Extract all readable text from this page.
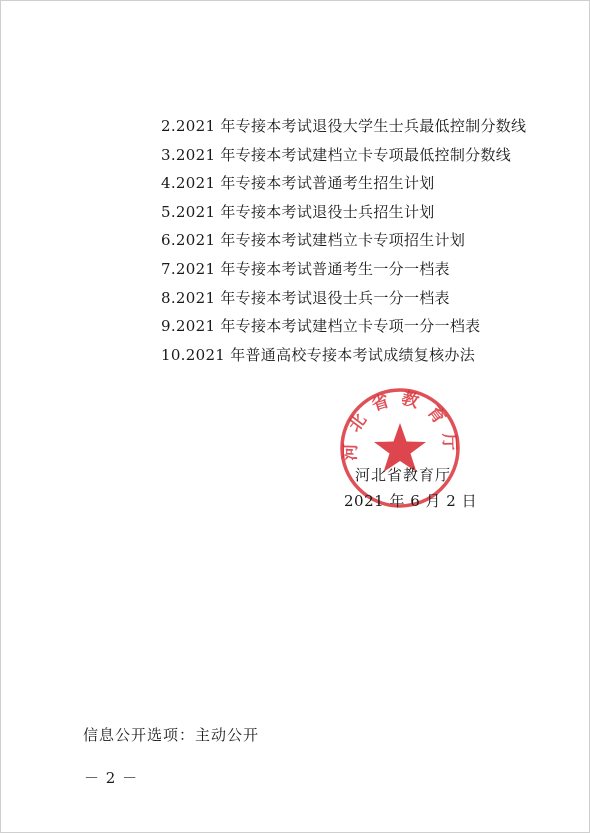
2.2021 年专接本考试退役大学生士兵最低控制分数线
3.2021 年专接本考试建档立卡专项最低控制分数线
4.2021 年专接本考试普通考生招生计划
5.2021 年专接本考试退役士兵招生计划
6.2021 年专接本考试建档立卡专项招生计划
7.2021 年专接本考试普通考生一分一档表
8.2021 年专接本考试退役士兵一分一档表
9.2021 年专接本考试建档立卡专项一分一档表
10.2021 年普通高校专接本考试成绩复核办法
河北省教育厅
河北省教育厅
2021 年 6 月 2 日
信息公开选项：主动公开
－ 2 －
